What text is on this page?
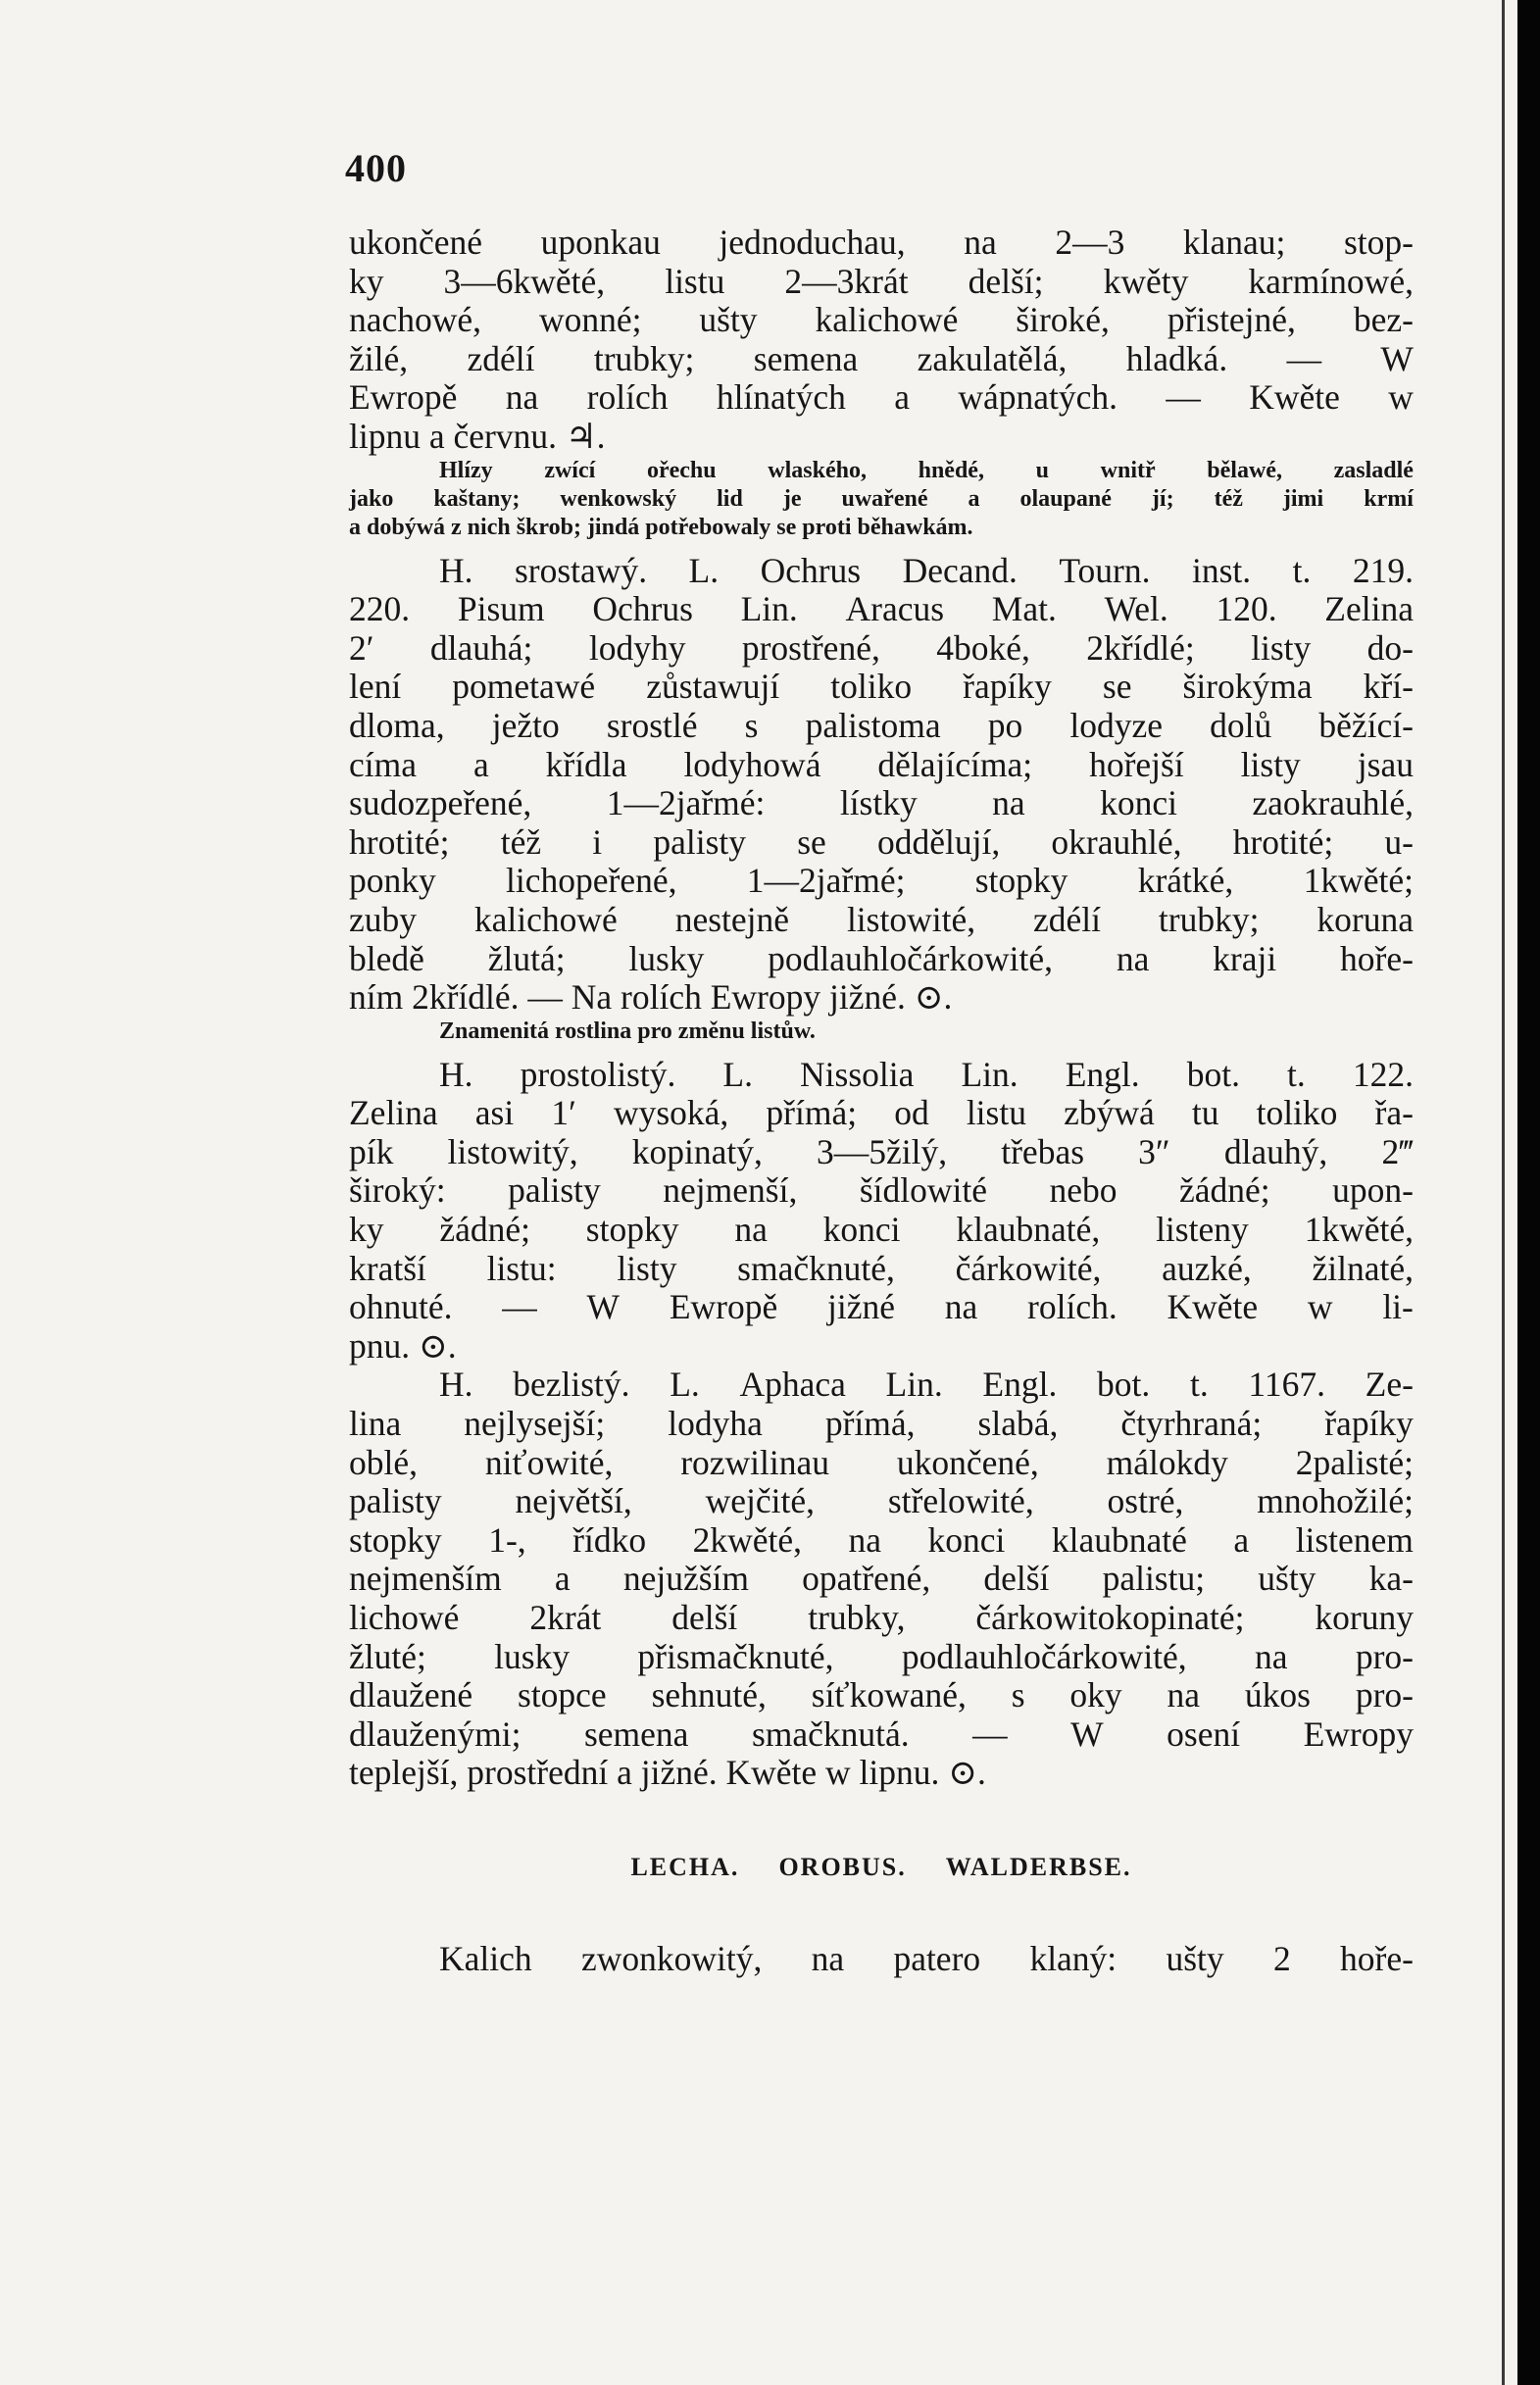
400
ukončené uponkau jednoduchau, na 2—3 klanau; stop-
ky 3—6kwěté, listu 2—3krát delší; kwěty karmínowé,
nachowé, wonné; ušty kalichowé široké, přistejné, bez-
žilé, zdélí trubky; semena zakulatělá, hladká. — W
Ewropě na rolích hlínatých a wápnatých. — Kwěte w
lipnu a červnu. ♃.
Hlízy zwící ořechu wlaského, hnědé, u wnitř bělawé, zasladlé
jako kaštany; wenkowský lid je uwařené a olaupané jí; též jimi krmí
a dobýwá z nich škrob; jindá potřebowaly se proti běhawkám.
H. srostawý. L. Ochrus Decand. Tourn. inst. t. 219.
220. Pisum Ochrus Lin. Aracus Mat. Wel. 120. Zelina
2′ dlauhá; lodyhy prostřené, 4boké, 2křídlé; listy do-
lení pometawé zůstawují toliko řapíky se širokýma kří-
dloma, ježto srostlé s palistoma po lodyze dolů běžící-
címa a křídla lodyhowá dělajícíma; hořejší listy jsau
sudozpeřené, 1—2jařmé: lístky na konci zaokrauhlé,
hrotité; též i palisty se oddělují, okrauhlé, hrotité; u-
ponky lichopeřené, 1—2jařmé; stopky krátké, 1kwěté;
zuby kalichowé nestejně listowité, zdélí trubky; koruna
bledě žlutá; lusky podlauhločárkowité, na kraji hoře-
ním 2křídlé. — Na rolích Ewropy jižné. ⊙.
Znamenitá rostlina pro změnu listůw.
H. prostolistý. L. Nissolia Lin. Engl. bot. t. 122.
Zelina asi 1′ wysoká, přímá; od listu zbýwá tu toliko řa-
pík listowitý, kopinatý, 3—5žilý, třebas 3″ dlauhý, 2‴
široký: palisty nejmenší, šídlowité nebo žádné; upon-
ky žádné; stopky na konci klaubnaté, listeny 1kwěté,
kratší listu: listy smačknuté, čárkowité, auzké, žilnaté,
ohnuté. — W Ewropě jižné na rolích. Kwěte w li-
pnu. ⊙.
H. bezlistý. L. Aphaca Lin. Engl. bot. t. 1167. Ze-
lina nejlysejší; lodyha přímá, slabá, čtyrhraná; řapíky
oblé, niťowité, rozwilinau ukončené, málokdy 2palisté;
palisty největší, wejčité, střelowité, ostré, mnohožilé;
stopky 1-, řídko 2kwěté, na konci klaubnaté a listenem
nejmenším a nejužším opatřené, delší palistu; ušty ka-
lichowé 2krát delší trubky, čárkowitokopinaté; koruny
žluté; lusky přismačknuté, podlauhločárkowité, na pro-
dlaužené stopce sehnuté, síťkowané, s oky na úkos pro-
dlauženými; semena smačknutá. — W osení Ewropy
teplejší, prostřední a jižné. Kwěte w lipnu. ⊙.
LECHA. OROBUS. WALDERBSE.
Kalich zwonkowitý, na patero klaný: ušty 2 hoře-
